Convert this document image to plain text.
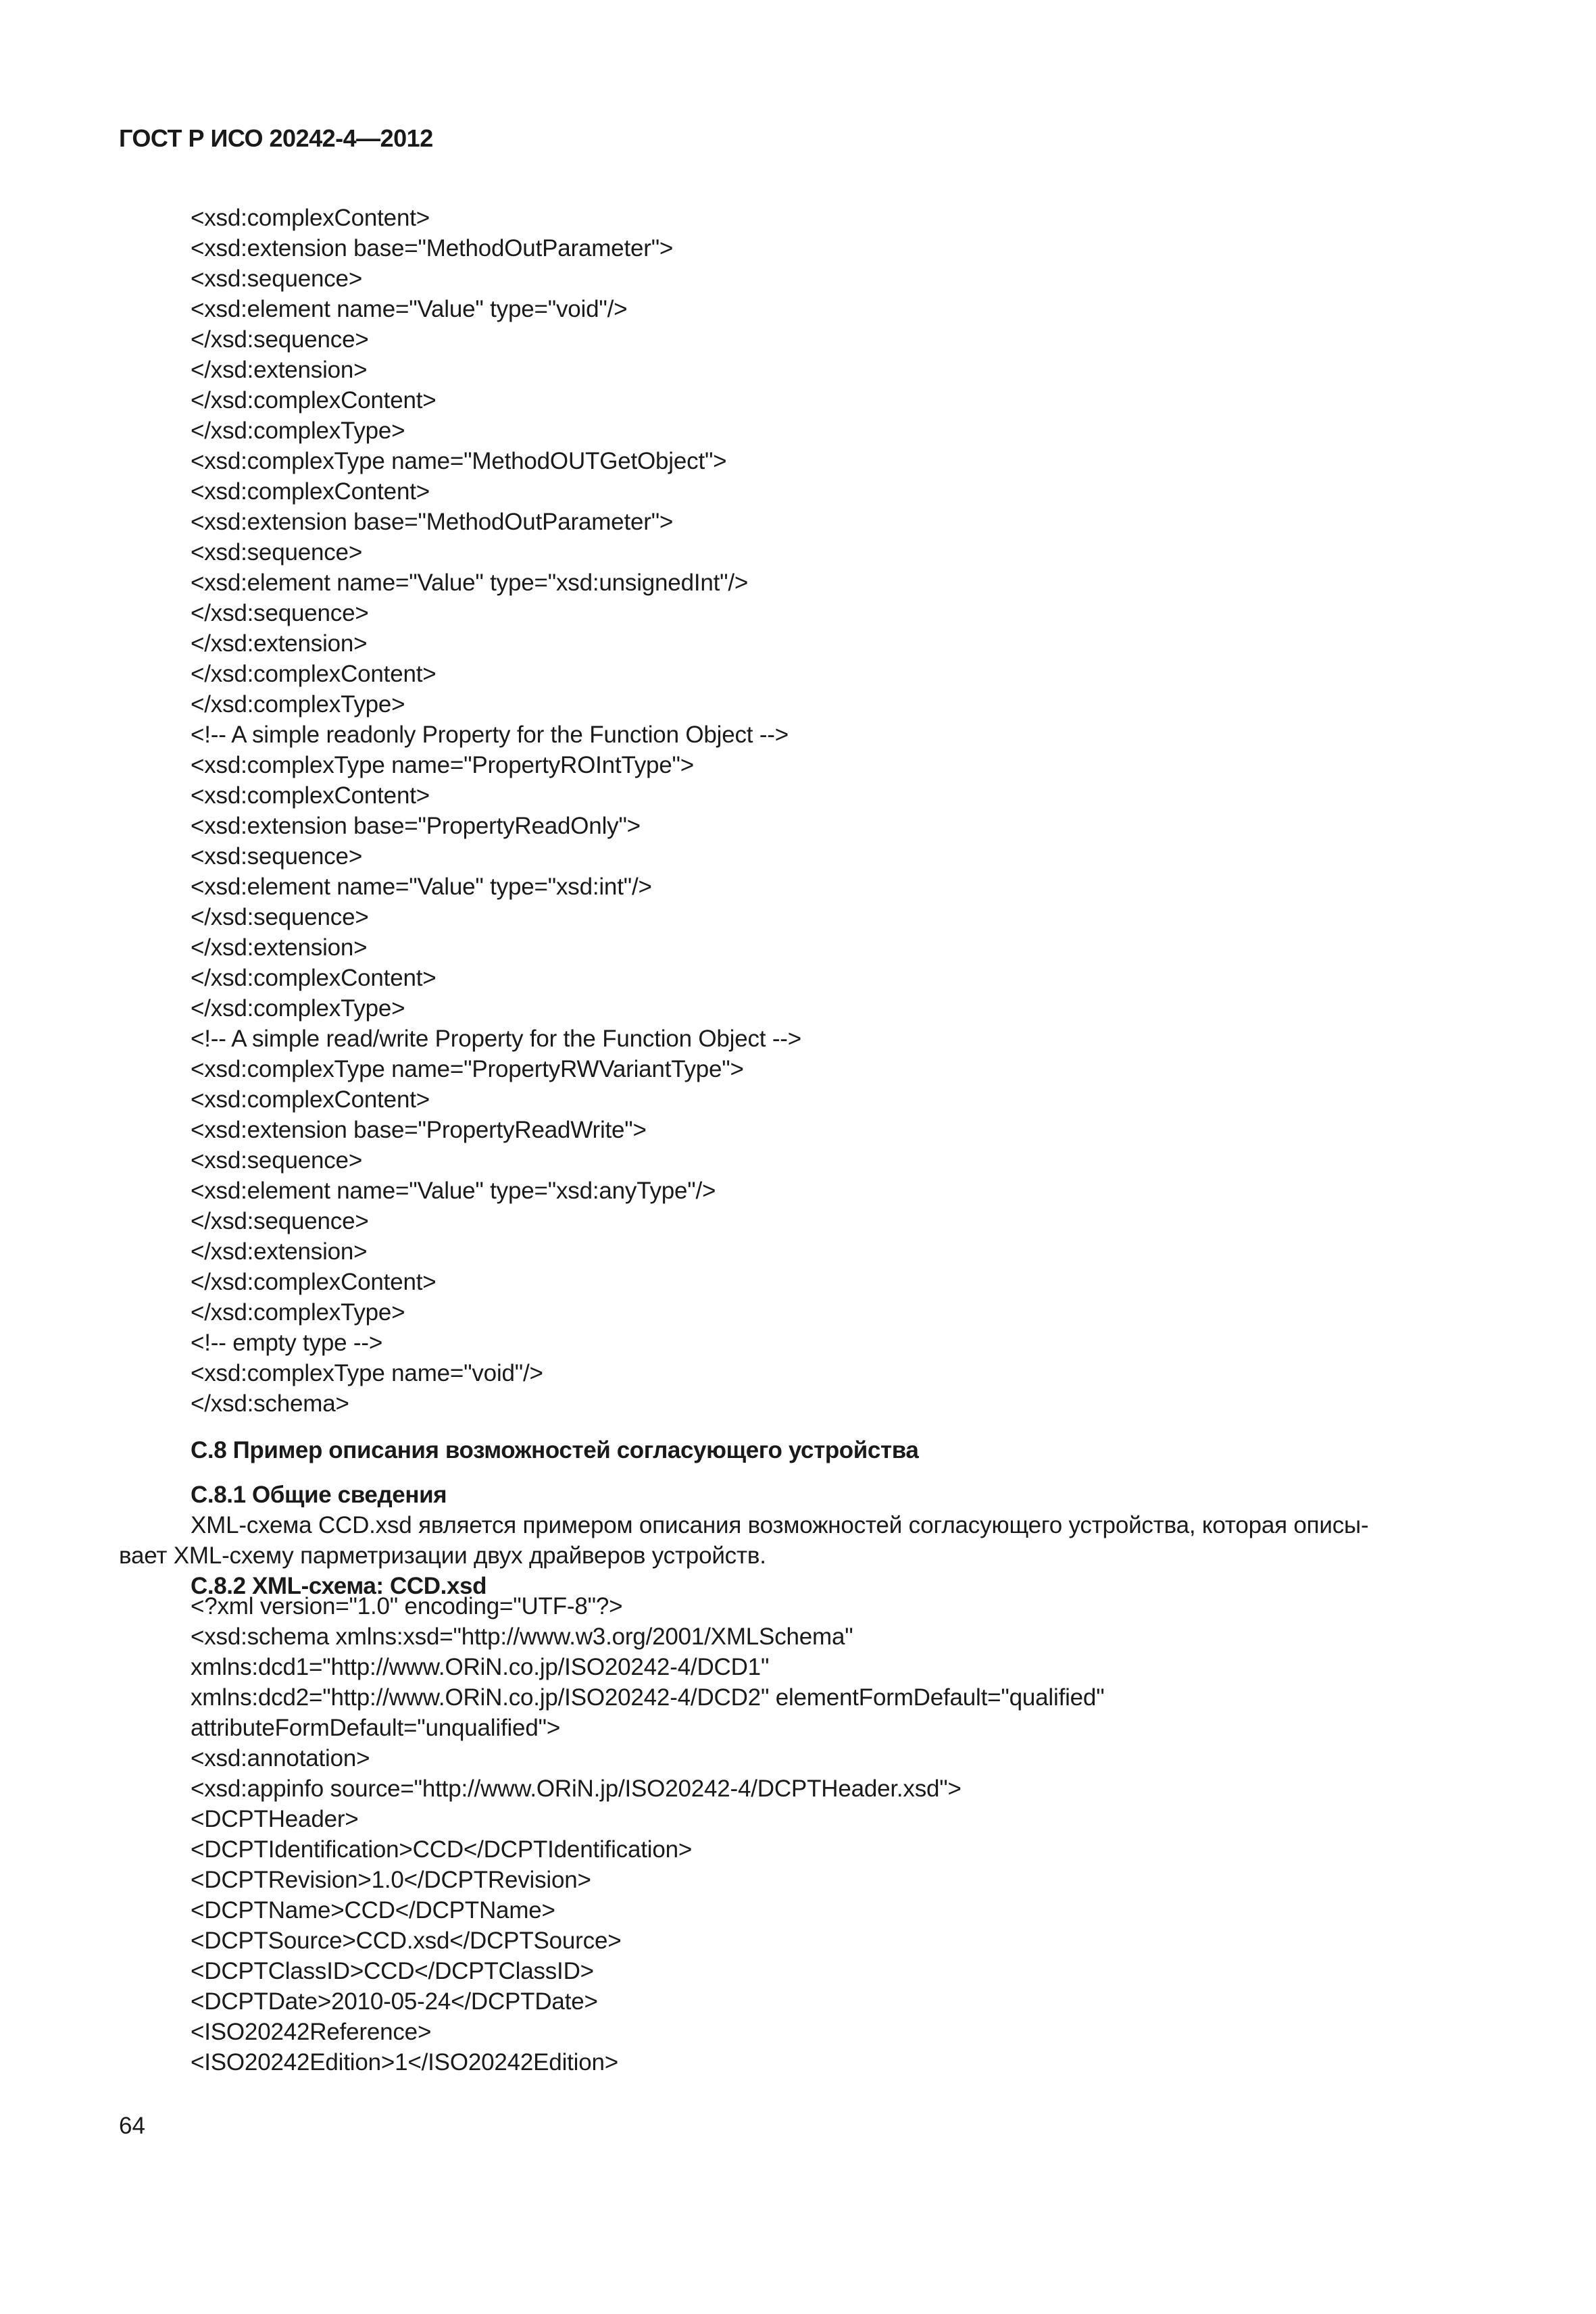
ГОСТ Р ИСО 20242-4—2012
<xsd:complexContent>
<xsd:extension base="MethodOutParameter">
<xsd:sequence>
<xsd:element name="Value" type="void"/>
</xsd:sequence>
</xsd:extension>
</xsd:complexContent>
</xsd:complexType>
<xsd:complexType name="MethodOUTGetObject">
<xsd:complexContent>
<xsd:extension base="MethodOutParameter">
<xsd:sequence>
<xsd:element name="Value" type="xsd:unsignedInt"/>
</xsd:sequence>
</xsd:extension>
</xsd:complexContent>
</xsd:complexType>
<!-- A simple readonly Property for the Function Object -->
<xsd:complexType name="PropertyROIntType">
<xsd:complexContent>
<xsd:extension base="PropertyReadOnly">
<xsd:sequence>
<xsd:element name="Value" type="xsd:int"/>
</xsd:sequence>
</xsd:extension>
</xsd:complexContent>
</xsd:complexType>
<!-- A simple read/write Property for the Function Object -->
<xsd:complexType name="PropertyRWVariantType">
<xsd:complexContent>
<xsd:extension base="PropertyReadWrite">
<xsd:sequence>
<xsd:element name="Value" type="xsd:anyType"/>
</xsd:sequence>
</xsd:extension>
</xsd:complexContent>
</xsd:complexType>
<!-- empty type -->
<xsd:complexType name="void"/>
</xsd:schema>
C.8 Пример описания возможностей согласующего устройства
C.8.1 Общие сведения
XML-схема CCD.xsd является примером описания возможностей согласующего устройства, которая описы-
вает XML-схему парметризации двух драйверов устройств.
C.8.2 XML-схема: CCD.xsd
<?xml version="1.0" encoding="UTF-8"?>
<xsd:schema xmlns:xsd="http://www.w3.org/2001/XMLSchema"
xmlns:dcd1="http://www.ORiN.co.jp/ISO20242-4/DCD1"
xmlns:dcd2="http://www.ORiN.co.jp/ISO20242-4/DCD2" elementFormDefault="qualified"
attributeFormDefault="unqualified">
<xsd:annotation>
<xsd:appinfo source="http://www.ORiN.jp/ISO20242-4/DCPTHeader.xsd">
<DCPTHeader>
<DCPTIdentification>CCD</DCPTIdentification>
<DCPTRevision>1.0</DCPTRevision>
<DCPTName>CCD</DCPTName>
<DCPTSource>CCD.xsd</DCPTSource>
<DCPTClassID>CCD</DCPTClassID>
<DCPTDate>2010-05-24</DCPTDate>
<ISO20242Reference>
<ISO20242Edition>1</ISO20242Edition>
64
